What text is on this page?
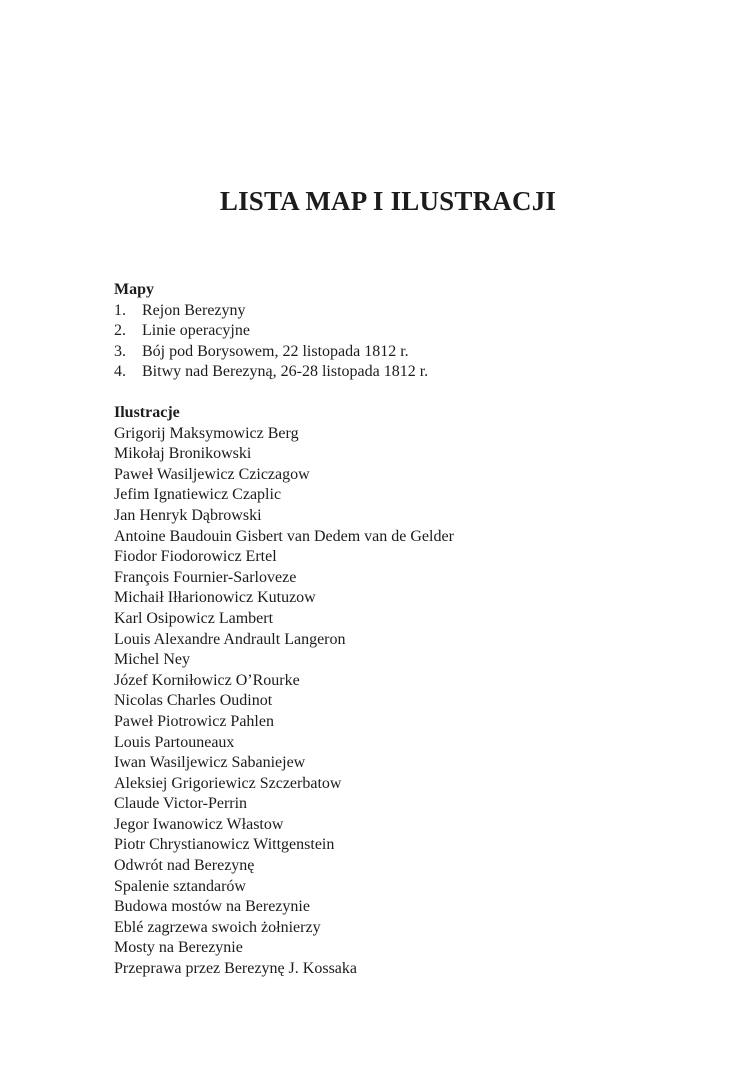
LISTA MAP I ILUSTRACJI

Mapy

1. Rejon Berezyny
2. Linie operacyjne
3. Bój pod Borysowem, 22 listopada 1812 r.
4. Bitwy nad Berezyną, 26-28 listopada 1812 r.

Ilustracje

Grigorij Maksymowicz Berg
Mikołaj Bronikowski
Paweł Wasiljewicz Cziczagow
Jefim Ignatiewicz Czaplic
Jan Henryk Dąbrowski
Antoine Baudouin Gisbert van Dedem van de Gelder
Fiodor Fiodorowicz Ertel
François Fournier-Sarloveze
Michaił Iłłarionowicz Kutuzow
Karl Osipowicz Lambert
Louis Alexandre Andrault Langeron
Michel Ney
Józef Korniłowicz O’Rourke
Nicolas Charles Oudinot
Paweł Piotrowicz Pahlen
Louis Partouneaux
Iwan Wasiljewicz Sabaniejew
Aleksiej Grigoriewicz Szczerbatow
Claude Victor-Perrin
Jegor Iwanowicz Włastow
Piotr Chrystianowicz Wittgenstein
Odwrót nad Berezynę
Spalenie sztandarów
Budowa mostów na Berezynie
Eblé zagrzewa swoich żołnierzy
Mosty na Berezynie
Przeprawa przez Berezynę J. Kossaka
